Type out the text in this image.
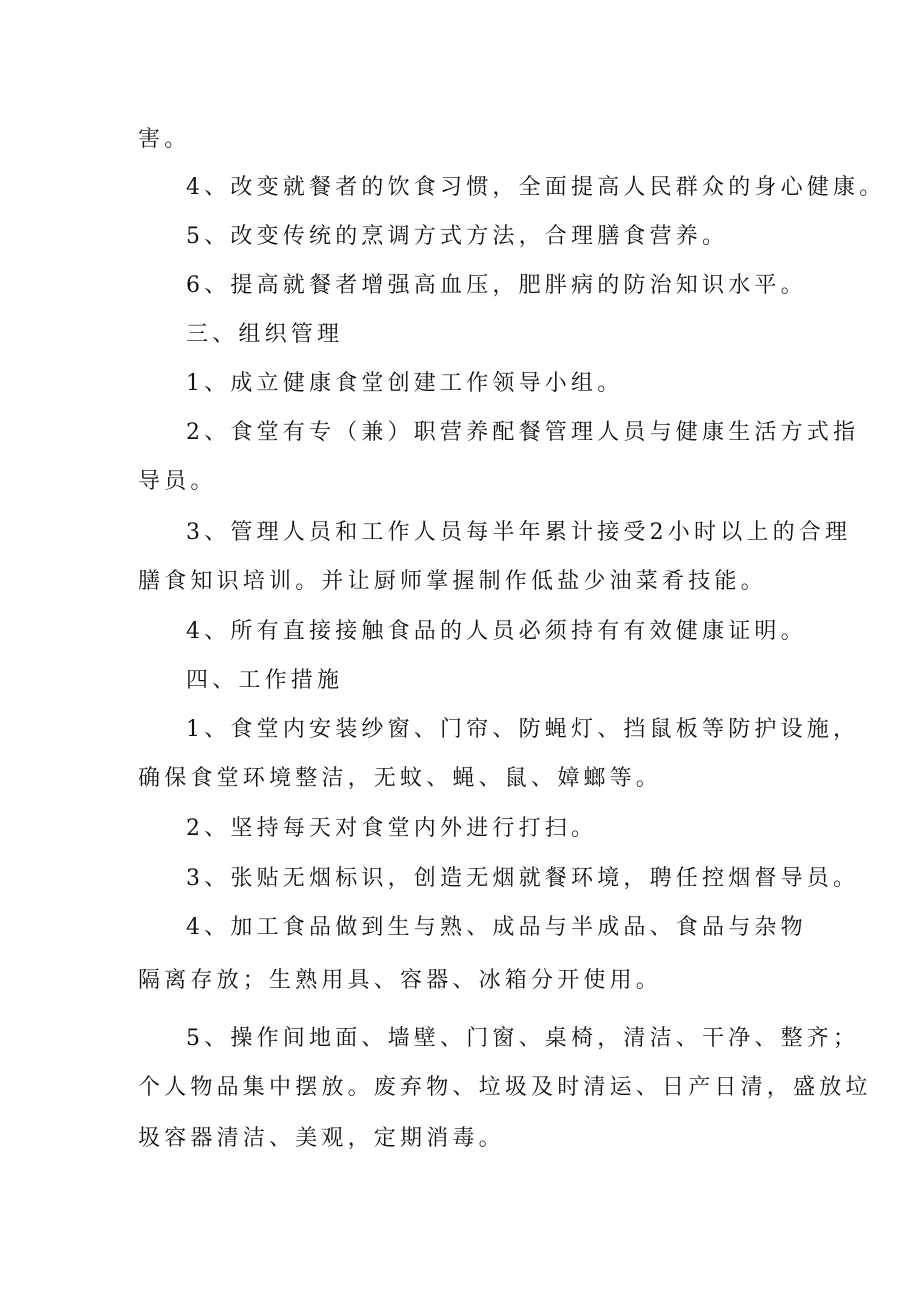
害。
4、改变就餐者的饮食习惯，全面提高人民群众的身心健康。
5、改变传统的烹调方式方法，合理膳食营养。
6、提高就餐者增强高血压，肥胖病的防治知识水平。
三、组织管理
1、成立健康食堂创建工作领导小组。
2、食堂有专（兼）职营养配餐管理人员与健康生活方式指
导员。
3、管理人员和工作人员每半年累计接受2小时以上的合理
膳食知识培训。并让厨师掌握制作低盐少油菜肴技能。
4、所有直接接触食品的人员必须持有有效健康证明。
四、工作措施
1、食堂内安装纱窗、门帘、防蝇灯、挡鼠板等防护设施，
确保食堂环境整洁，无蚊、蝇、鼠、嫜螂等。
2、坚持每天对食堂内外进行打扫。
3、张贴无烟标识，创造无烟就餐环境，聘任控烟督导员。
4、加工食品做到生与熟、成品与半成品、食品与杂物
隔离存放；生熟用具、容器、冰箱分开使用。
5、操作间地面、墙壁、门窗、桌椅，清洁、干净、整齐；
个人物品集中摆放。废弃物、垃圾及时清运、日产日清，盛放垃
圾容器清洁、美观，定期消毒。
